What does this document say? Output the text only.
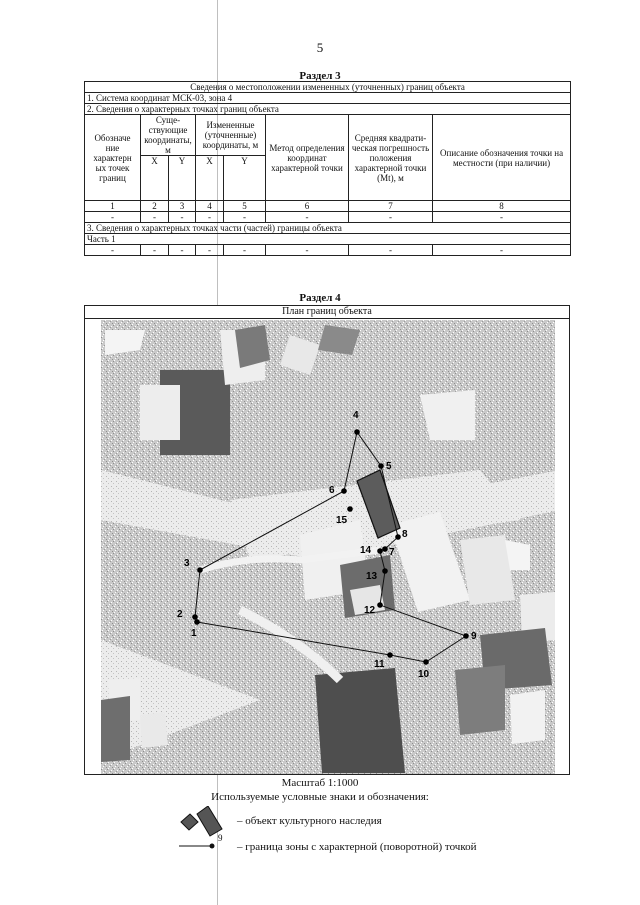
5
Раздел 3
Сведения о местоположении измененных (уточненных) границ объекта							
1. Система координат МСК-03, зона 4							
2. Сведения о характерных точках границ объекта							
Обозначе ние характерн ых точек границ	Суще- ствующие координаты, м		Измененные (уточненные) координаты, м		Метод определения координат характерной точки	Средняя квадрати- ческая погрешность положения характерной точки (Mt), м	Описание обозначения точки на местности (при наличии)
	X	Y	X	Y			
1	2	3	4	5	6	7	8
-	-	-	-	-	-	-	-
3. Сведения о характерных точках части (частей) границы объекта							
Часть 1							
-	-	-	-	-	-	-	-
Раздел 4
План границ объекта
1
2
3
4
5
6
7
8
9
10
11
12
13
14
15
Масштаб 1:1000
Используемые условные знаки и обозначения:
9
– объект культурного наследия
– граница зоны с характерной (поворотной) точкой
